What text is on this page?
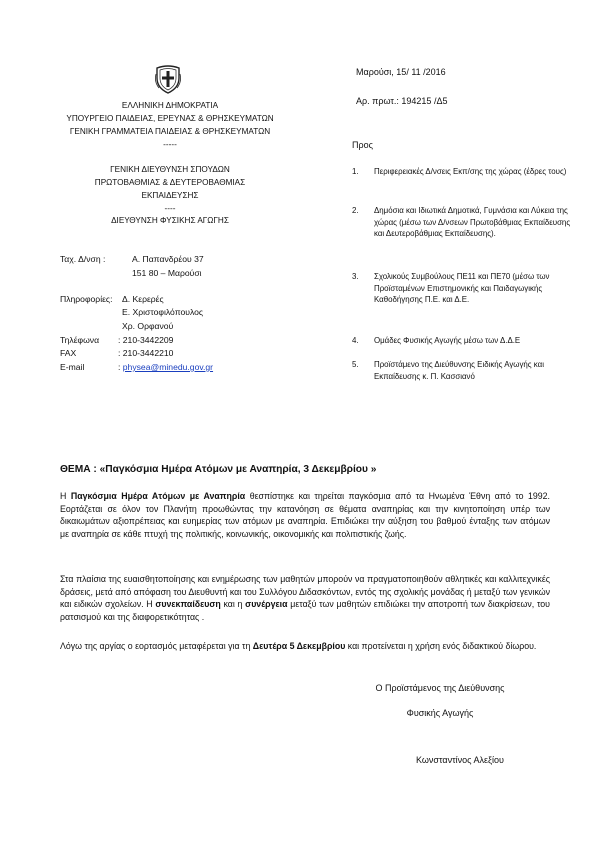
ΕΛΛΗΝΙΚΗ ΔΗΜΟΚΡΑΤΙΑ
ΥΠΟΥΡΓΕΙΟ ΠΑΙΔΕΙΑΣ, ΕΡΕΥΝΑΣ & ΘΡΗΣΚΕΥΜΑΤΩΝ
ΓΕΝΙΚΗ ΓΡΑΜΜΑΤΕΙΑ ΠΑΙΔΕΙΑΣ & ΘΡΗΣΚΕΥΜΑΤΩΝ
-----
ΓΕΝΙΚΗ ΔΙΕΥΘΥΝΣΗ ΣΠΟΥΔΩΝ
ΠΡΩΤΟΒΑΘΜΙΑΣ & ΔΕΥΤΕΡΟΒΑΘΜΙΑΣ
ΕΚΠΑΙΔΕΥΣΗΣ
----
ΔΙΕΥΘΥΝΣΗ ΦΥΣΙΚΗΣ ΑΓΩΓΗΣ
Μαρούσι, 15/ 11 /2016
Αρ. πρωτ.: 194215 /Δ5
Ταχ. Δ/νση :	Α. Παπανδρέου 37
151 80 – Μαρούσι
Πληροφορίες: Δ. Κερερές
Ε. Χριστοφιλόπουλος
Χρ. Ορφανού
Τηλέφωνα : 210-3442209
FAX	: 210-3442210
E-mail	: physea@minedu.gov.gr
Προς
1. Περιφερειακές Δ/νσεις Εκπ/σης της χώρας (έδρες τους)
2. Δημόσια και Ιδιωτικά Δημοτικά, Γυμνάσια και Λύκεια της χώρας (μέσω των Δ/νσεων Πρωτοβάθμιας Εκπαίδευσης και Δευτεροβάθμιας Εκπαίδευσης).
3. Σχολικούς Συμβούλους ΠΕ11 και ΠΕ70 (μέσω των Προϊσταμένων Επιστημονικής και Παιδαγωγικής Καθοδήγησης Π.Ε. και Δ.Ε.
4. Ομάδες Φυσικής Αγωγής μέσω των Δ.Δ.Ε
5. Προϊστάμενο της Διεύθυνσης Ειδικής Αγωγής και Εκπαίδευσης κ. Π. Κασσιανό
ΘΕΜΑ : «Παγκόσμια Ημέρα Ατόμων με Αναπηρία, 3 Δεκεμβρίου »
Η Παγκόσμια Ημέρα Ατόμων με Αναπηρία θεσπίστηκε και τηρείται παγκόσμια από τα Ηνωμένα Έθνη από το 1992. Εορτάζεται σε όλον τον Πλανήτη προωθώντας την κατανόηση σε θέματα αναπηρίας και την κινητοποίηση υπέρ των δικαιωμάτων αξιοπρέπειας και ευημερίας των ατόμων με αναπηρία. Επιδιώκει την αύξηση του βαθμού ένταξης των ατόμων με αναπηρία σε κάθε πτυχή της πολιτικής, κοινωνικής, οικονομικής και πολιτιστικής ζωής.
Στα πλαίσια της ευαισθητοποίησης και ενημέρωσης των μαθητών μπορούν να πραγματοποιηθούν αθλητικές και καλλιτεχνικές δράσεις, μετά από απόφαση του Διευθυντή και του Συλλόγου Διδασκόντων, εντός της σχολικής μονάδας ή μεταξύ των γενικών και ειδικών σχολείων. Η συνεκπαίδευση και η συνέργεια μεταξύ των μαθητών επιδιώκει την αποτροπή των διακρίσεων, του ρατσισμού και της διαφορετικότητας .
Λόγω της αργίας ο εορτασμός μεταφέρεται για τη Δευτέρα 5 Δεκεμβρίου και προτείνεται η χρήση ενός διδακτικού δίωρου.
Ο Προϊστάμενος της Διεύθυνσης
Φυσικής Αγωγής
Κωνσταντίνος Αλεξίου
